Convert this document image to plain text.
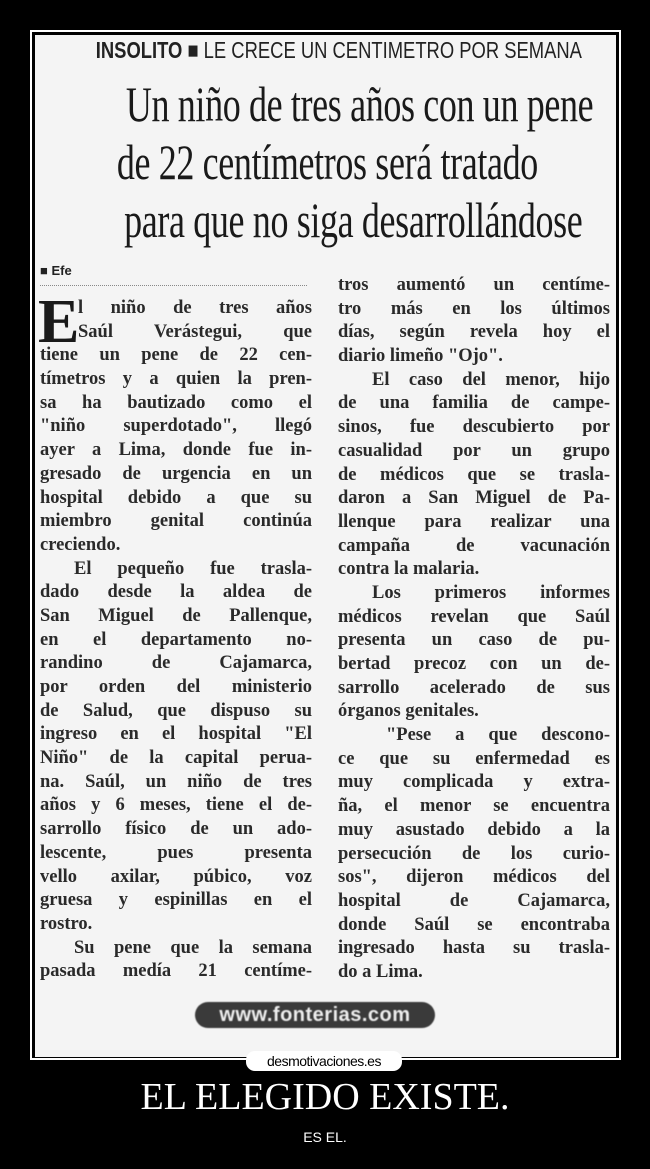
INSOLITO ■ LE CRECE UN CENTIMETRO POR SEMANA
Un niño de tres años con un pene
de 22 centímetros será tratado
para que no siga desarrollándose
■ Efe
E
l niño de tres años
Saúl Verástegui, que
tiene un pene de 22 cen-
tímetros y a quien la pren-
sa ha bautizado como el
"niño superdotado", llegó
ayer a Lima, donde fue in-
gresado de urgencia en un
hospital debido a que su
miembro genital continúa
creciendo.
El pequeño fue trasla-
dado desde la aldea de
San Miguel de Pallenque,
en el departamento no-
randino de Cajamarca,
por orden del ministerio
de Salud, que dispuso su
ingreso en el hospital "El
Niño" de la capital perua-
na. Saúl, un niño de tres
años y 6 meses, tiene el de-
sarrollo físico de un ado-
lescente, pues presenta
vello axilar, púbico, voz
gruesa y espinillas en el
rostro.
Su pene que la semana
pasada medía 21 centíme-
tros aumentó un centíme-
tro más en los últimos
días, según revela hoy el
diario limeño "Ojo".
El caso del menor, hijo
de una familia de campe-
sinos, fue descubierto por
casualidad por un grupo
de médicos que se trasla-
daron a San Miguel de Pa-
llenque para realizar una
campaña de vacunación
contra la malaria.
Los primeros informes
médicos revelan que Saúl
presenta un caso de pu-
bertad precoz con un de-
sarrollo acelerado de sus
órganos genitales.
"Pese a que descono-
ce que su enfermedad es
muy complicada y extra-
ña, el menor se encuentra
muy asustado debido a la
persecución de los curio-
sos", dijeron médicos del
hospital de Cajamarca,
donde Saúl se encontraba
ingresado hasta su trasla-
do a Lima.
www.fonterias.com
desmotivaciones.es
EL ELEGIDO EXISTE.
ES EL.
